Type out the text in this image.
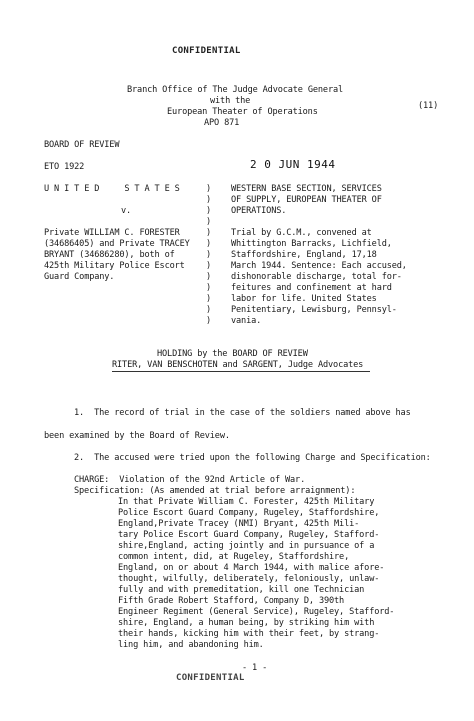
CONFIDENTIAL
(11)
Branch Office of The Judge Advocate General
with the
European Theater of Operations
APO 871
BOARD OF REVIEW
ETO 1922	2 0 JUN 1944
U N I T E D     S T A T E S
v.
Private WILLIAM C. FORESTER
(34686405) and Private TRACEY
BRYANT (34686280), both of
425th Military Police Escort
Guard Company.
)
)
)
)
)
)
)
)
)
)
)
)
)
WESTERN BASE SECTION, SERVICES
OF SUPPLY, EUROPEAN THEATER OF
OPERATIONS.
Trial by G.C.M., convened at
Whittington Barracks, Lichfield,
Staffordshire, England, 17,18
March 1944. Sentence: Each accused,
dishonorable discharge, total for-
feitures and confinement at hard
labor for life. United States
Penitentiary, Lewisburg, Pennsyl-
vania.
HOLDING by the BOARD OF REVIEW
RITER, VAN BENSCHOTEN and SARGENT, Judge Advocates
1.  The record of trial in the case of the soldiers named above has
been examined by the Board of Review.
2.  The accused were tried upon the following Charge and Specification:
CHARGE:  Violation of the 92nd Article of War.
Specification: (As amended at trial before arraignment):
In that Private William C. Forester, 425th Military
Police Escort Guard Company, Rugeley, Staffordshire,
England,Private Tracey (NMI) Bryant, 425th Mili-
tary Police Escort Guard Company, Rugeley, Stafford-
shire,England, acting jointly and in pursuance of a
common intent, did, at Rugeley, Staffordshire,
England, on or about 4 March 1944, with malice afore-
thought, wilfully, deliberately, feloniously, unlaw-
fully and with premeditation, kill one Technician
Fifth Grade Robert Stafford, Company D, 390th
Engineer Regiment (General Service), Rugeley, Stafford-
shire, England, a human being, by striking him with
their hands, kicking him with their feet, by strang-
ling him, and abandoning him.
- 1 -
CONFIDENTIAL
